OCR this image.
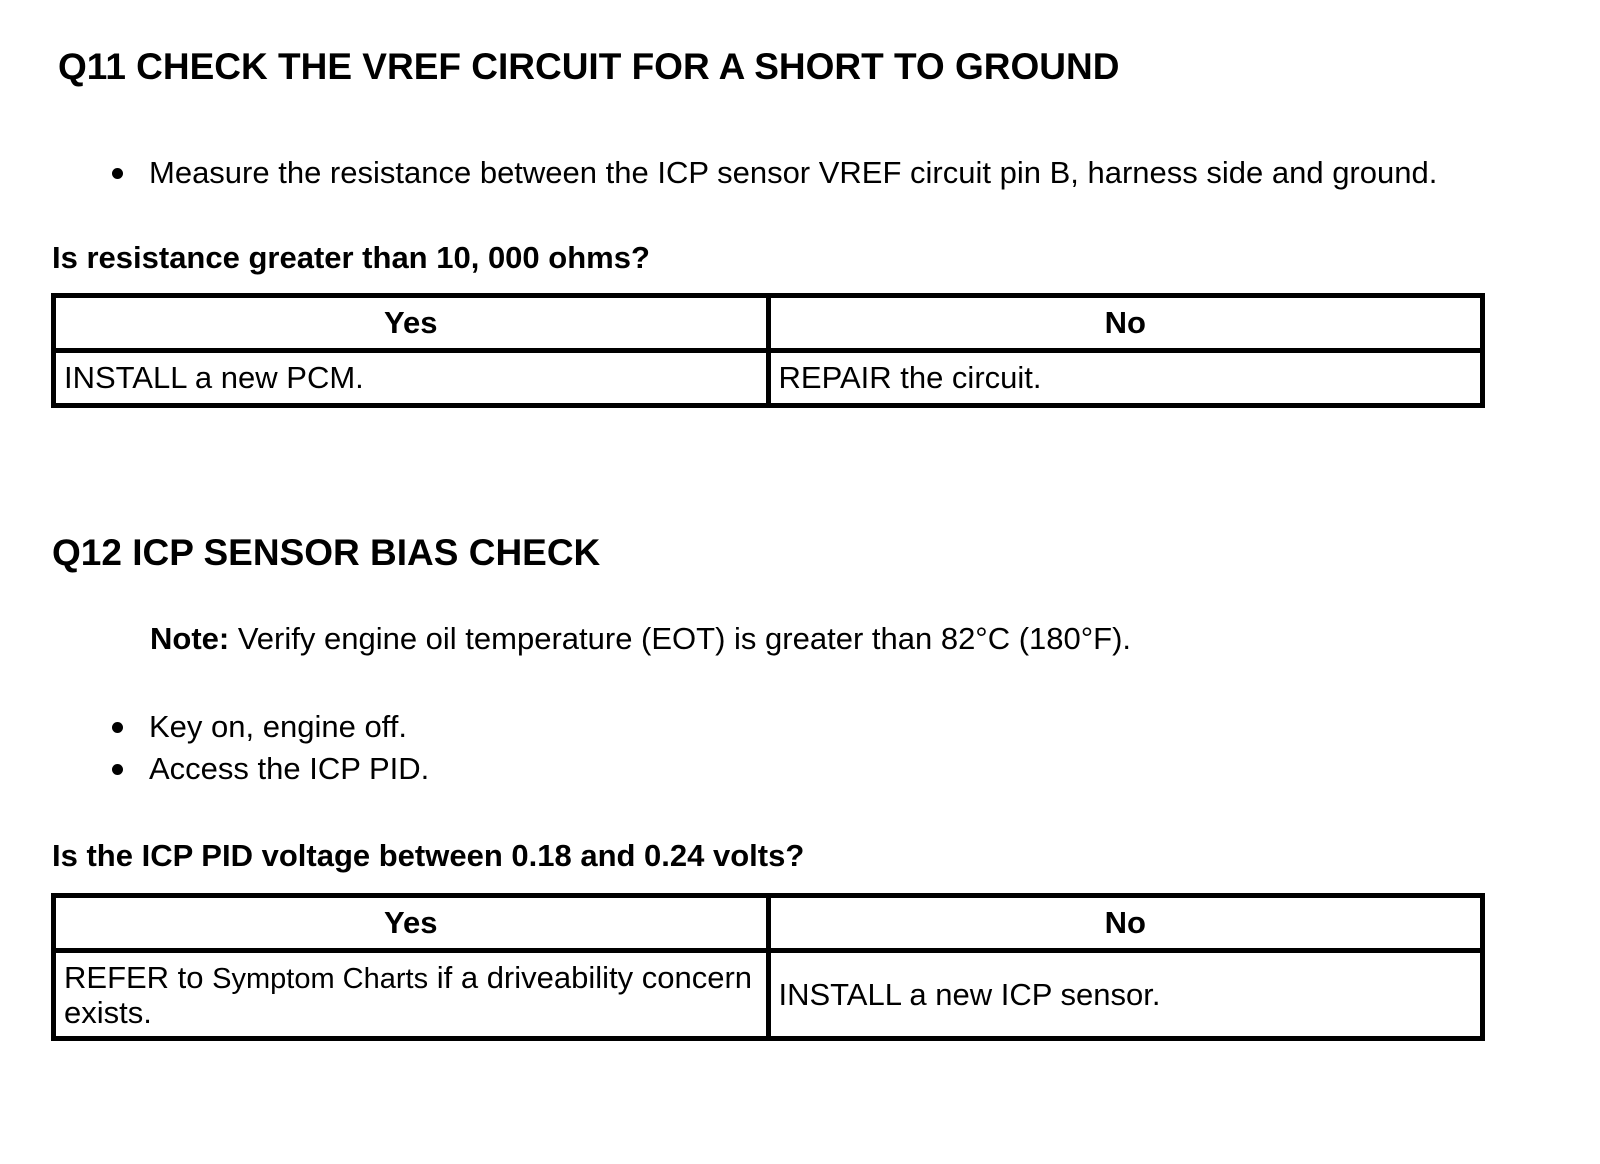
Q11 CHECK THE VREF CIRCUIT FOR A SHORT TO GROUND
Measure the resistance between the ICP sensor VREF circuit pin B, harness side and ground.

Is resistance greater than 10, 000 ohms?

Yes	No
INSTALL a new PCM.	REPAIR the circuit.
Q12 ICP SENSOR BIAS CHECK

Note: Verify engine oil temperature (EOT) is greater than 82°C (180°F).

Key on, engine off.
Access the ICP PID.

Is the ICP PID voltage between 0.18 and 0.24 volts?

Yes	No
REFER to Symptom Charts if a driveability concern exists.	INSTALL a new ICP sensor.
